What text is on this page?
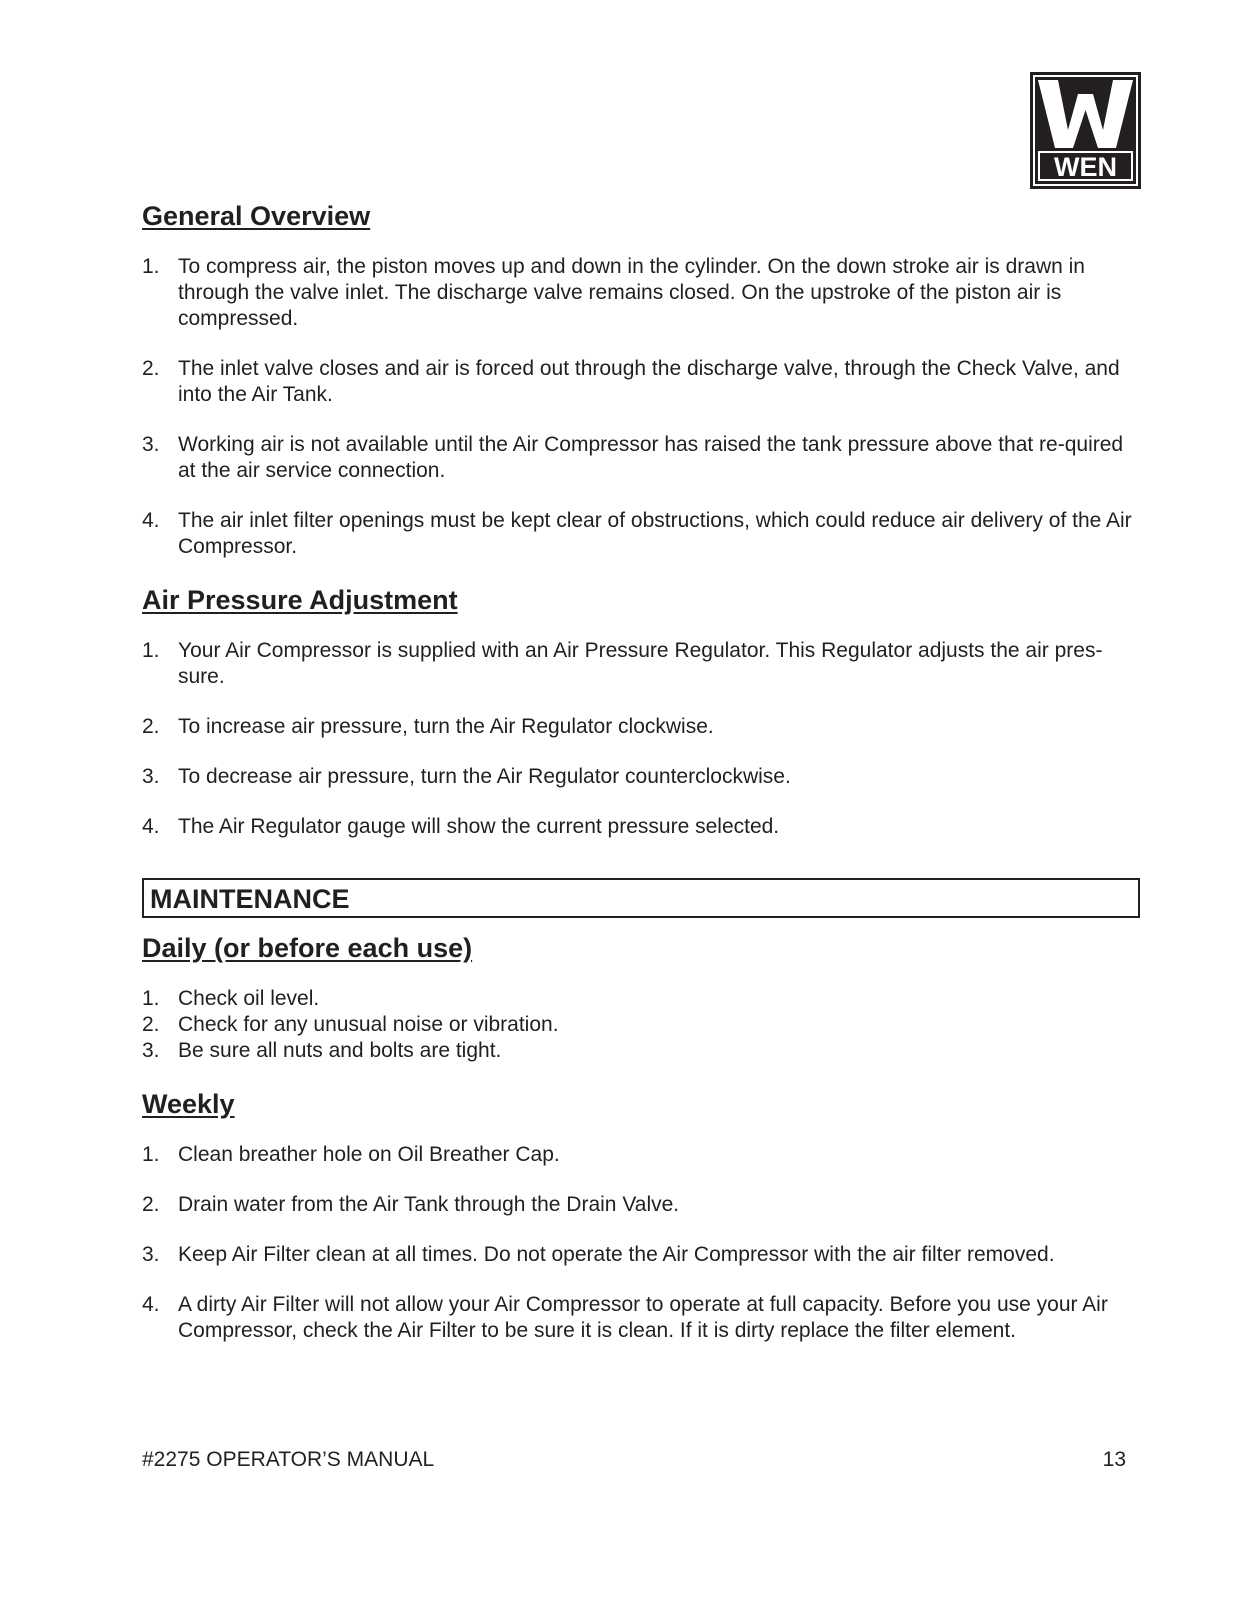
WEN
General Overview
1. To compress air, the piston moves up and down in the cylinder. On the down stroke air is drawn in through the valve inlet. The discharge valve remains closed. On the upstroke of the piston air is compressed.
2. The inlet valve closes and air is forced out through the discharge valve, through the Check Valve, and into the Air Tank.
3. Working air is not available until the Air Compressor has raised the tank pressure above that re-quired at the air service connection.
4. The air inlet filter openings must be kept clear of obstructions, which could reduce air delivery of the Air Compressor.
Air Pressure Adjustment
1. Your Air Compressor is supplied with an Air Pressure Regulator. This Regulator adjusts the air pres-sure.
2. To increase air pressure, turn the Air Regulator clockwise.
3. To decrease air pressure, turn the Air Regulator counterclockwise.
4. The Air Regulator gauge will show the current pressure selected.
MAINTENANCE
Daily (or before each use)
1. Check oil level.
2. Check for any unusual noise or vibration.
3. Be sure all nuts and bolts are tight.
Weekly
1. Clean breather hole on Oil Breather Cap.
2. Drain water from the Air Tank through the Drain Valve.
3. Keep Air Filter clean at all times. Do not operate the Air Compressor with the air filter removed.
4. A dirty Air Filter will not allow your Air Compressor to operate at full capacity. Before you use your Air Compressor, check the Air Filter to be sure it is clean. If it is dirty replace the filter element.
#2275 OPERATOR’S MANUAL	13
